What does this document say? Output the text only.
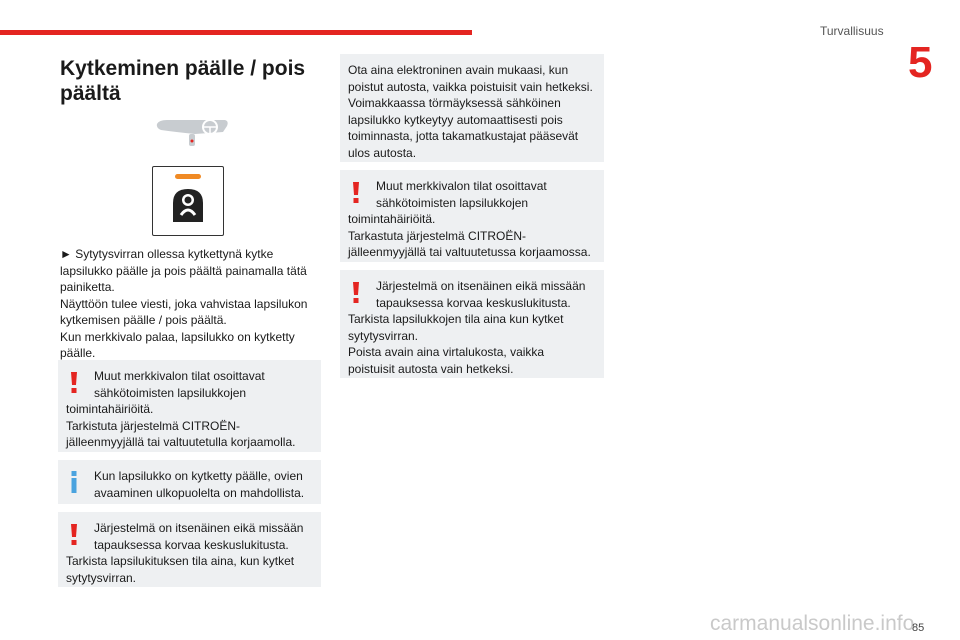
Turvallisuus
5
Kytkeminen päälle / pois
päältä
► Sytytysvirran ollessa kytkettynä kytke
lapsilukko päälle ja pois päältä painamalla tätä
painiketta.
Näyttöön tulee viesti, joka vahvistaa lapsilukon
kytkemisen päälle / pois päältä.
Kun merkkivalo palaa, lapsilukko on kytketty
päälle.
Muut merkkivalon tilat osoittavat
sähkötoimisten lapsilukkojen
toimintahäiriöitä.
Tarkistuta järjestelmä CITROËN-
jälleenmyyjällä tai valtuutetulla korjaamolla.
Kun lapsilukko on kytketty päälle, ovien
avaaminen ulkopuolelta on mahdollista.
Järjestelmä on itsenäinen eikä missään
tapauksessa korvaa keskuslukitusta.
Tarkista lapsilukituksen tila aina, kun kytket
sytytysvirran.
Ota aina elektroninen avain mukaasi, kun
poistut autosta, vaikka poistuisit vain hetkeksi.
Voimakkaassa törmäyksessä sähköinen
lapsilukko kytkeytyy automaattisesti pois
toiminnasta, jotta takamatkustajat pääsevät
ulos autosta.
Muut merkkivalon tilat osoittavat
sähkötoimisten lapsilukkojen
toimintahäiriöitä.
Tarkastuta järjestelmä CITROËN-
jälleenmyyjällä tai valtuutetussa korjaamossa.
Järjestelmä on itsenäinen eikä missään
tapauksessa korvaa keskuslukitusta.
Tarkista lapsilukkojen tila aina kun kytket
sytytysvirran.
Poista avain aina virtalukosta, vaikka
poistuisit autosta vain hetkeksi.
carmanualsonline.info
85
